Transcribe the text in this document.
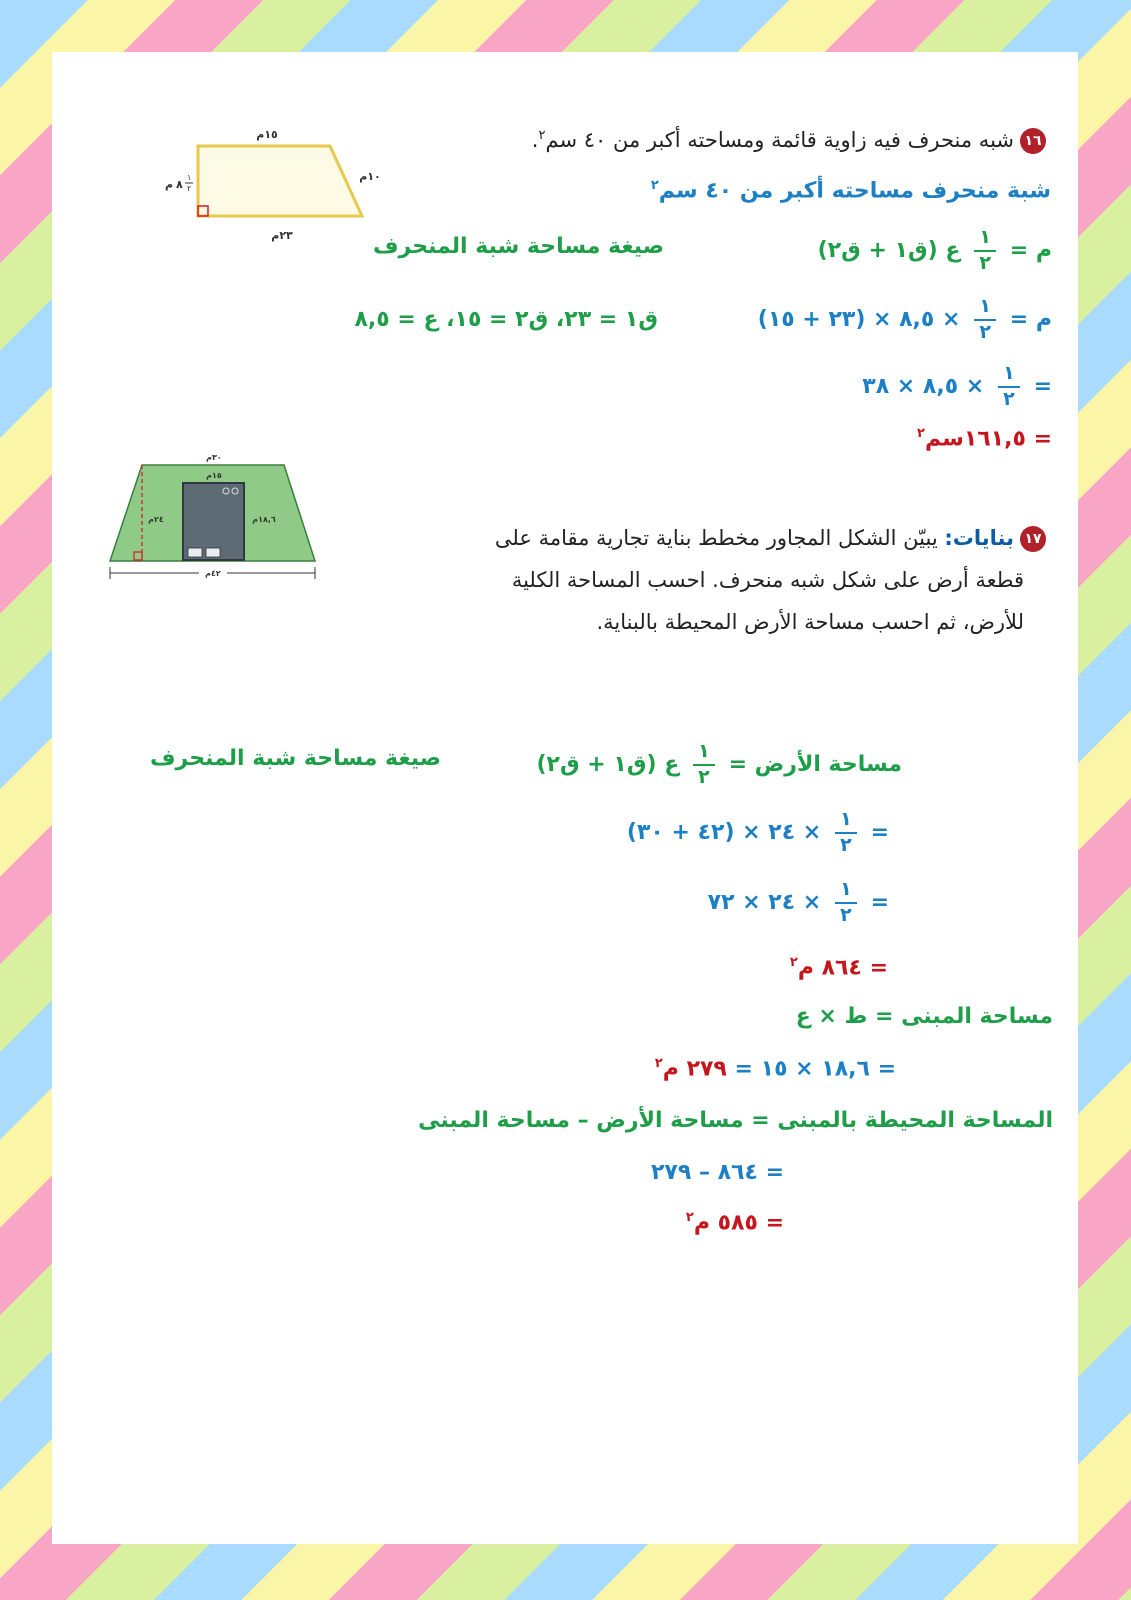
١٥م
٢٣م
١٠م
م ٨
١
٢
١٦شبه منحرف فيه زاوية قائمة ومساحته أكبر من ٤٠ سم$^٢$.
شبة منحرف مساحته أكبر من ٤٠ سم$^٢$
م =
$\frac{١}{٢}$
ع (ق١ + ق٢)
صيغة مساحة شبة المنحرف
م =
$\frac{١}{٢}$
× ٨,٥ × (٢٣ + ١٥)
ق١ = ٢٣، ق٢ = ١٥، ع = ٨,٥
=
$\frac{١}{٢}$
× ٨,٥ × ٣٨
= ١٦١,٥سم$^٢$
٣٠م
١٥م
٢٤م	١٨,٦م
٤٢م
١٧بنايات: يبيّن الشكل المجاور مخطط بناية تجارية مقامة على
قطعة أرض على شكل شبه منحرف. احسب المساحة الكلية
للأرض، ثم احسب مساحة الأرض المحيطة بالبناية.
مساحة الأرض =
$\frac{١}{٢}$
ع (ق١ + ق٢)
صيغة مساحة شبة المنحرف
=
$\frac{١}{٢}$
× ٢٤ × (٤٢ + ٣٠)
=
$\frac{١}{٢}$
× ٢٤ × ٧٢
= ٨٦٤ م$^٢$
مساحة المبنى = ط × ع
= ١٨,٦ × ١٥ = ٢٧٩ م$^٢$
المساحة المحيطة بالمبنى = مساحة الأرض – مساحة المبنى
= ٨٦٤ – ٢٧٩
= ٥٨٥ م$^٢$
